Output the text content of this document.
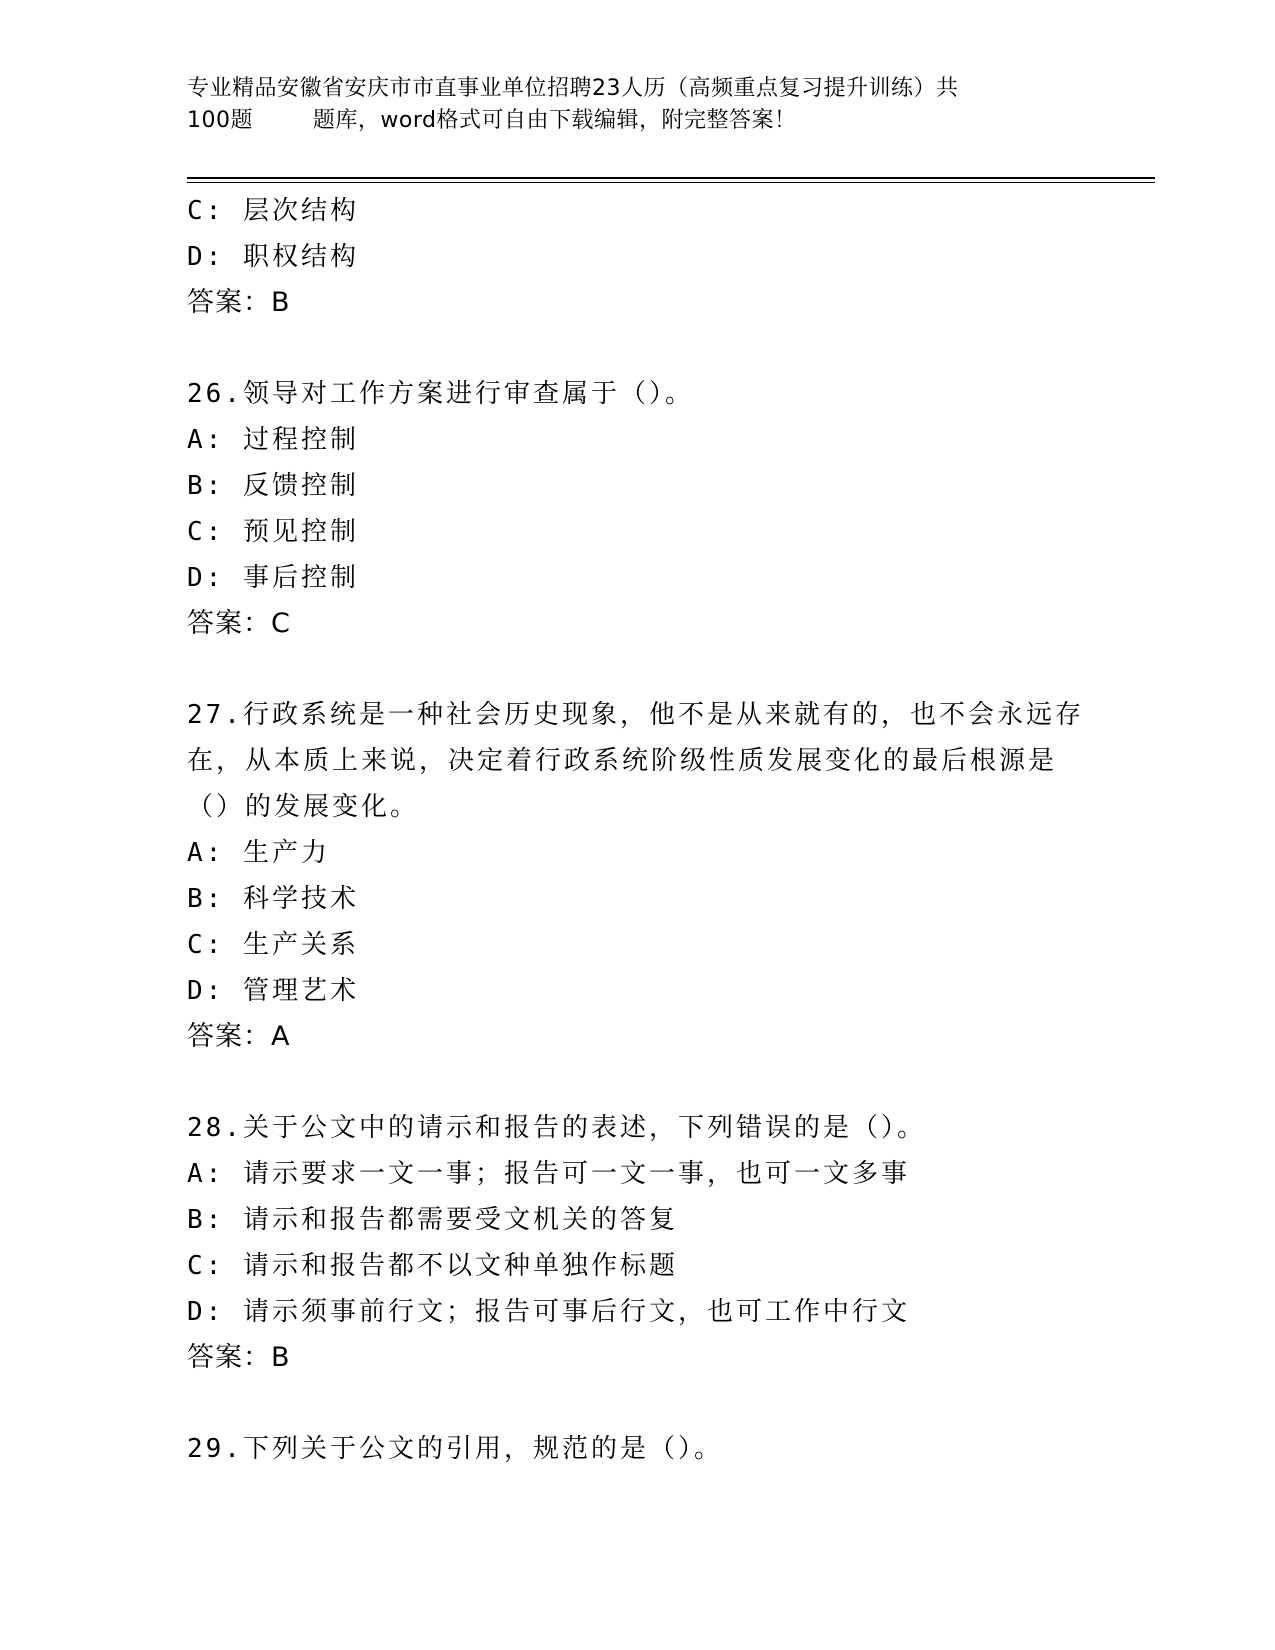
专业精品安徽省安庆市市直事业单位招聘23人历（高频重点复习提升训练）共
100题        题库，word格式可自由下载编辑，附完整答案！
C: 层次结构
D: 职权结构
答案：B
26.领导对工作方案进行审查属于（）。
A: 过程控制
B: 反馈控制
C: 预见控制
D: 事后控制
答案：C
27.行政系统是一种社会历史现象，他不是从来就有的，也不会永远存
在，从本质上来说，决定着行政系统阶级性质发展变化的最后根源是
（）的发展变化。
A: 生产力
B: 科学技术
C: 生产关系
D: 管理艺术
答案：A
28.关于公文中的请示和报告的表述，下列错误的是（）。
A: 请示要求一文一事；报告可一文一事，也可一文多事
B: 请示和报告都需要受文机关的答复
C: 请示和报告都不以文种单独作标题
D: 请示须事前行文；报告可事后行文，也可工作中行文
答案：B
29.下列关于公文的引用，规范的是（）。
